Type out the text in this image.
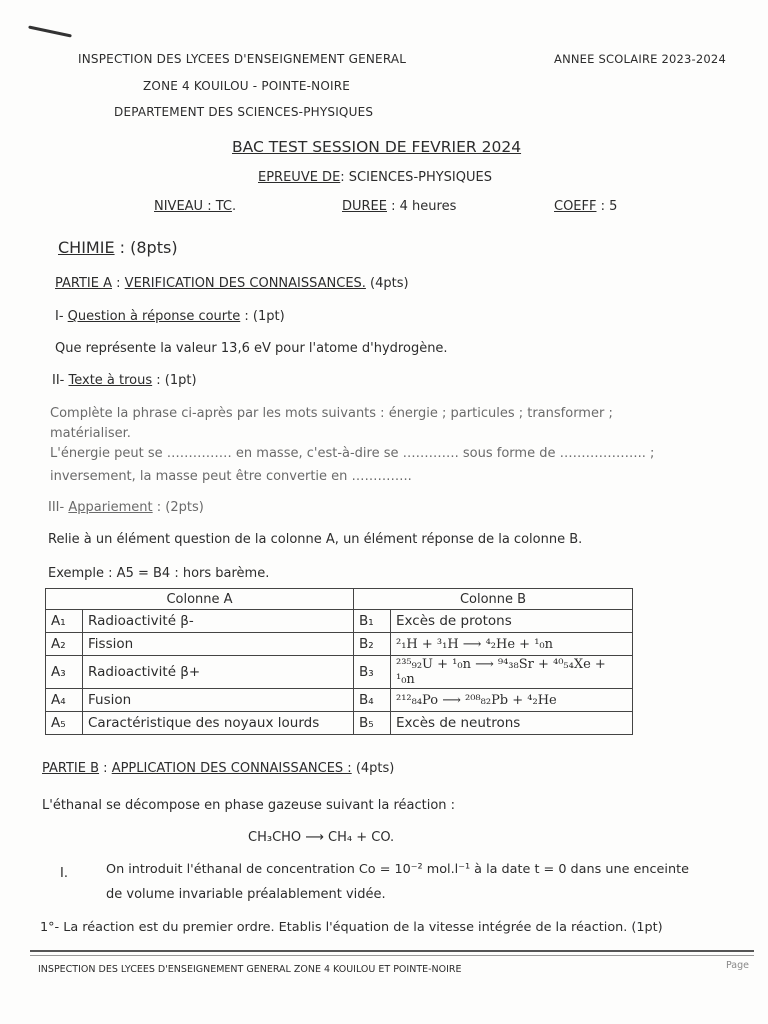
INSPECTION DES LYCEES D'ENSEIGNEMENT GENERAL	ANNEE SCOLAIRE 2023-2024
ZONE 4 KOUILOU - POINTE-NOIRE
DEPARTEMENT DES SCIENCES-PHYSIQUES
BAC TEST SESSION DE FEVRIER 2024
EPREUVE DE: SCIENCES-PHYSIQUES
NIVEAU : TC.	DUREE : 4 heures	COEFF : 5
CHIMIE : (8pts)
PARTIE A : VERIFICATION DES CONNAISSANCES. (4pts)
I- Question à réponse courte : (1pt)
Que représente la valeur 13,6 eV pour l'atome d'hydrogène.
II- Texte à trous : (1pt)
Complète la phrase ci-après par les mots suivants : énergie ; particules ; transformer ;
matérialiser.
L'énergie peut se …………… en masse, c'est-à-dire se …………. sous forme de ……………….. ;
inversement, la masse peut être convertie en …………..
III- Appariement : (2pts)
Relie à un élément question de la colonne A, un élément réponse de la colonne B.
Exemple : A5 = B4 : hors barème.
Colonne A		Colonne B	
A₁	Radioactivité β-	B₁	Excès de protons
A₂	Fission	B₂	²₁H + ³₁H ⟶ ⁴₂He + ¹₀n
A₃	Radioactivité β+	B₃	²³⁵₉₂U + ¹₀n ⟶ ⁹⁴₃₈Sr + ⁴⁰₅₄Xe + ¹₀n
A₄	Fusion	B₄	²¹²₈₄Po ⟶ ²⁰⁸₈₂Pb + ⁴₂He
A₅	Caractéristique des noyaux lourds	B₅	Excès de neutrons
PARTIE B : APPLICATION DES CONNAISSANCES : (4pts)
L'éthanal se décompose en phase gazeuse suivant la réaction :
CH₃CHO ⟶ CH₄ + CO.
I.	On introduit l'éthanal de concentration Co = 10⁻² mol.l⁻¹ à la date t = 0 dans une enceinte
de volume invariable préalablement vidée.
1°- La réaction est du premier ordre. Etablis l'équation de la vitesse intégrée de la réaction. (1pt)
INSPECTION DES LYCEES D'ENSEIGNEMENT GENERAL ZONE 4 KOUILOU ET POINTE-NOIRE	Page
